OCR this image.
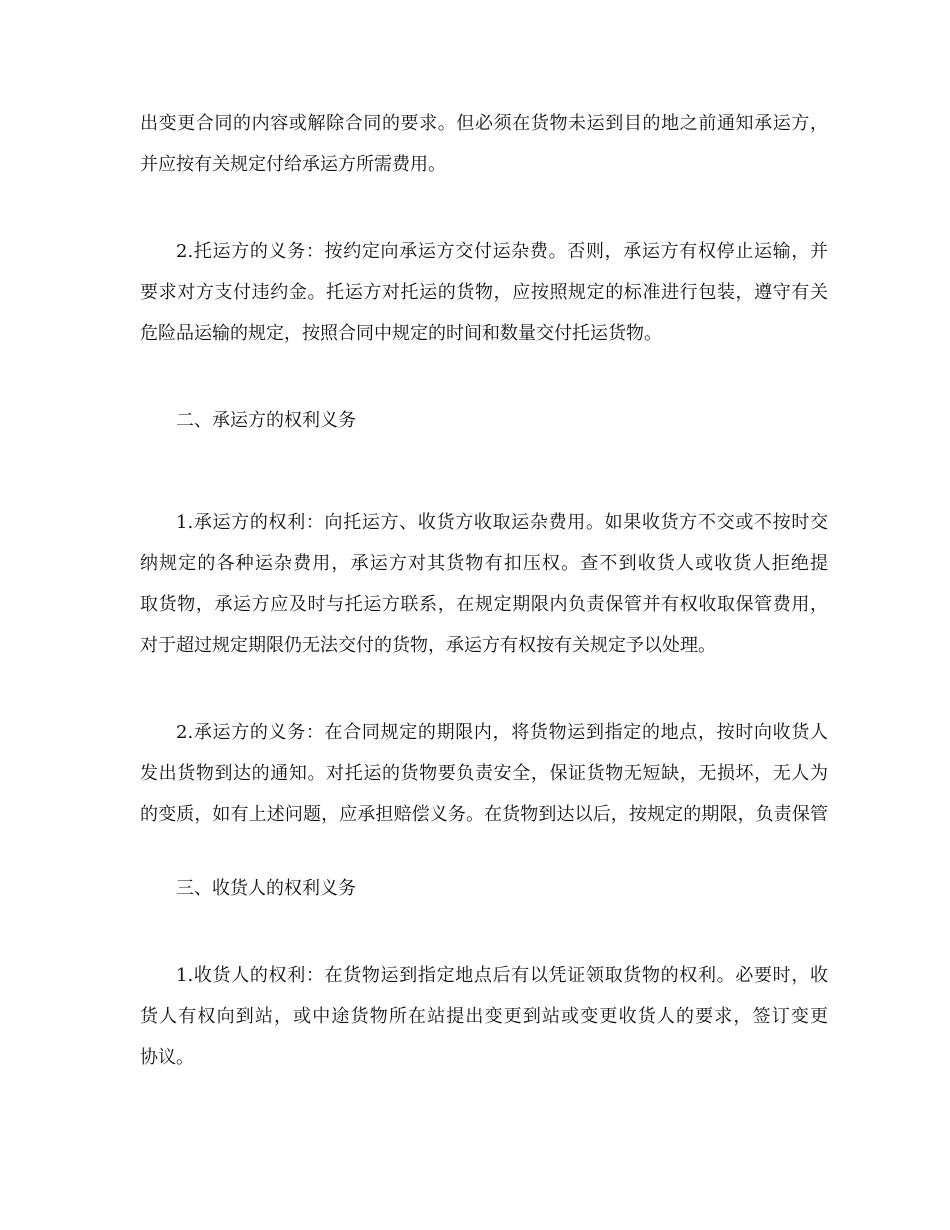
出变更合同的内容或解除合同的要求。但必须在货物未运到目的地之前通知承运方，
并应按有关规定付给承运方所需费用。
2.托运方的义务：按约定向承运方交付运杂费。否则，承运方有权停止运输，并
要求对方支付违约金。托运方对托运的货物，应按照规定的标准进行包装，遵守有关
危险品运输的规定，按照合同中规定的时间和数量交付托运货物。
二、承运方的权利义务
1.承运方的权利：向托运方、收货方收取运杂费用。如果收货方不交或不按时交
纳规定的各种运杂费用，承运方对其货物有扣压权。查不到收货人或收货人拒绝提
取货物，承运方应及时与托运方联系，在规定期限内负责保管并有权收取保管费用，
对于超过规定期限仍无法交付的货物，承运方有权按有关规定予以处理。
2.承运方的义务：在合同规定的期限内，将货物运到指定的地点，按时向收货人
发出货物到达的通知。对托运的货物要负责安全，保证货物无短缺，无损坏，无人为
的变质，如有上述问题，应承担赔偿义务。在货物到达以后，按规定的期限，负责保管
三、收货人的权利义务
1.收货人的权利：在货物运到指定地点后有以凭证领取货物的权利。必要时，收
货人有权向到站，或中途货物所在站提出变更到站或变更收货人的要求，签订变更
协议。
